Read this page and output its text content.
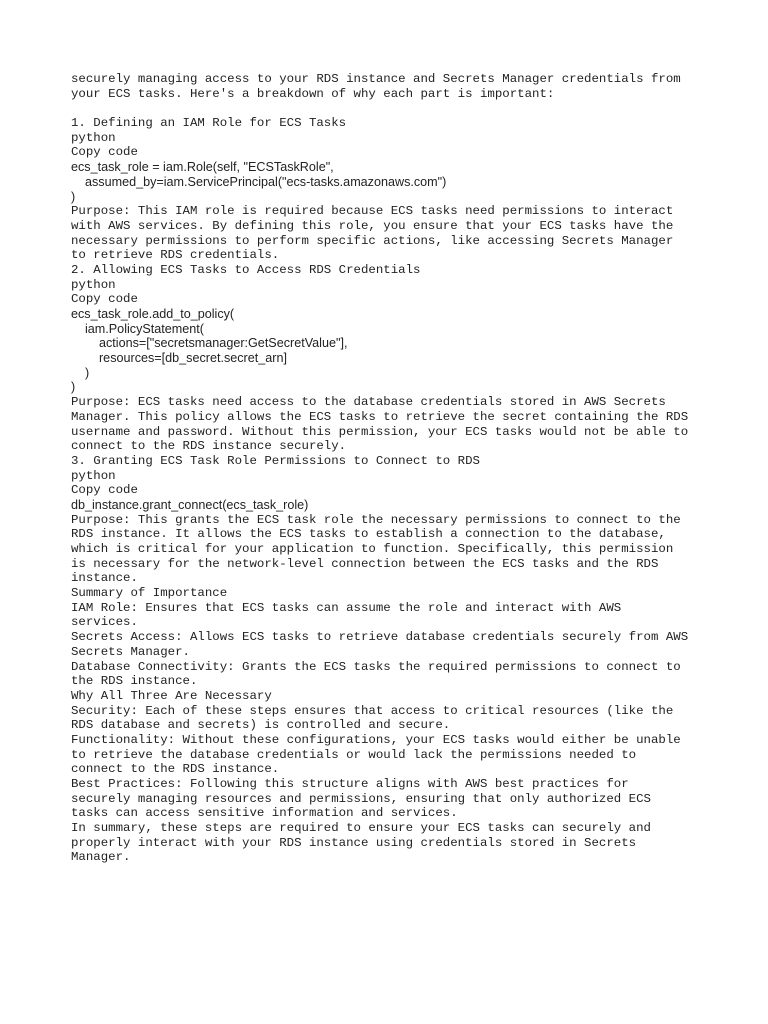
securely managing access to your RDS instance and Secrets Manager credentials from
your ECS tasks. Here's a breakdown of why each part is important:
1. Defining an IAM Role for ECS Tasks
python
Copy code
ecs_task_role = iam.Role(self, "ECSTaskRole",
assumed_by=iam.ServicePrincipal("ecs-tasks.amazonaws.com")
)
Purpose: This IAM role is required because ECS tasks need permissions to interact
with AWS services. By defining this role, you ensure that your ECS tasks have the
necessary permissions to perform specific actions, like accessing Secrets Manager
to retrieve RDS credentials.
2. Allowing ECS Tasks to Access RDS Credentials
python
Copy code
ecs_task_role.add_to_policy(
iam.PolicyStatement(
actions=["secretsmanager:GetSecretValue"],
resources=[db_secret.secret_arn]
)
)
Purpose: ECS tasks need access to the database credentials stored in AWS Secrets
Manager. This policy allows the ECS tasks to retrieve the secret containing the RDS
username and password. Without this permission, your ECS tasks would not be able to
connect to the RDS instance securely.
3. Granting ECS Task Role Permissions to Connect to RDS
python
Copy code
db_instance.grant_connect(ecs_task_role)
Purpose: This grants the ECS task role the necessary permissions to connect to the
RDS instance. It allows the ECS tasks to establish a connection to the database,
which is critical for your application to function. Specifically, this permission
is necessary for the network-level connection between the ECS tasks and the RDS
instance.
Summary of Importance
IAM Role: Ensures that ECS tasks can assume the role and interact with AWS
services.
Secrets Access: Allows ECS tasks to retrieve database credentials securely from AWS
Secrets Manager.
Database Connectivity: Grants the ECS tasks the required permissions to connect to
the RDS instance.
Why All Three Are Necessary
Security: Each of these steps ensures that access to critical resources (like the
RDS database and secrets) is controlled and secure.
Functionality: Without these configurations, your ECS tasks would either be unable
to retrieve the database credentials or would lack the permissions needed to
connect to the RDS instance.
Best Practices: Following this structure aligns with AWS best practices for
securely managing resources and permissions, ensuring that only authorized ECS
tasks can access sensitive information and services.
In summary, these steps are required to ensure your ECS tasks can securely and
properly interact with your RDS instance using credentials stored in Secrets
Manager.
